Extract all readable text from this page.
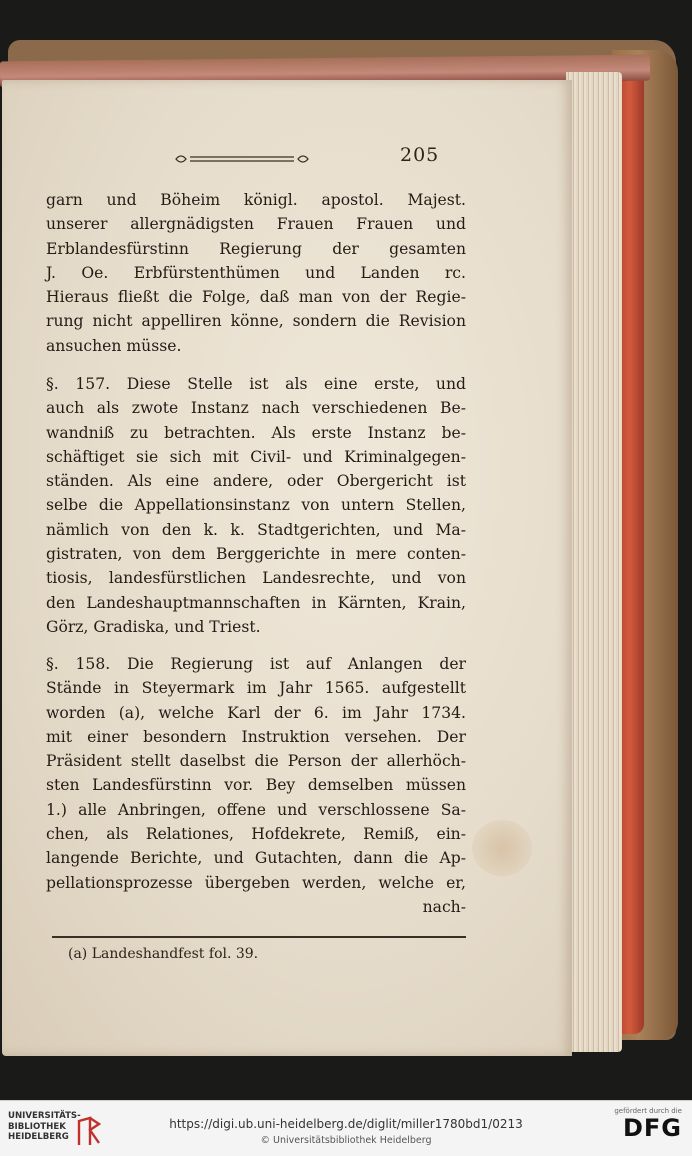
205
garn und Böheim königl. apostol. Majest.
unserer allergnädigsten Frauen Frauen und
Erblandesfürstinn Regierung der gesamten
J. Oe. Erbfürstenthümen und Landen rc.
Hieraus fließt die Folge, daß man von der Regie-
rung nicht appelliren könne, sondern die Revision
ansuchen müsse.
§. 157. Diese Stelle ist als eine erste, und
auch als zwote Instanz nach verschiedenen Be-
wandniß zu betrachten. Als erste Instanz be-
schäftiget sie sich mit Civil- und Kriminalgegen-
ständen. Als eine andere, oder Obergericht ist
selbe die Appellationsinstanz von untern Stellen,
nämlich von den k. k. Stadtgerichten, und Ma-
gistraten, von dem Berggerichte in mere conten-
tiosis, landesfürstlichen Landesrechte, und von
den Landeshauptmannschaften in Kärnten, Krain,
Görz, Gradiska, und Triest.
§. 158. Die Regierung ist auf Anlangen der
Stände in Steyermark im Jahr 1565. aufgestellt
worden (a), welche Karl der 6. im Jahr 1734.
mit einer besondern Instruktion versehen. Der
Präsident stellt daselbst die Person der allerhöch-
sten Landesfürstinn vor. Bey demselben müssen
1.) alle Anbringen, offene und verschlossene Sa-
chen, als Relationes, Hofdekrete, Remiß, ein-
langende Berichte, und Gutachten, dann die Ap-
pellationsprozesse übergeben werden, welche er,
nach-
(a) Landeshandfest fol. 39.
UNIVERSITÄTS-
BIBLIOTHEK
HEIDELBERG
https://digi.ub.uni-heidelberg.de/diglit/miller1780bd1/0213
© Universitätsbibliothek Heidelberg
gefördert durch die
DFG
